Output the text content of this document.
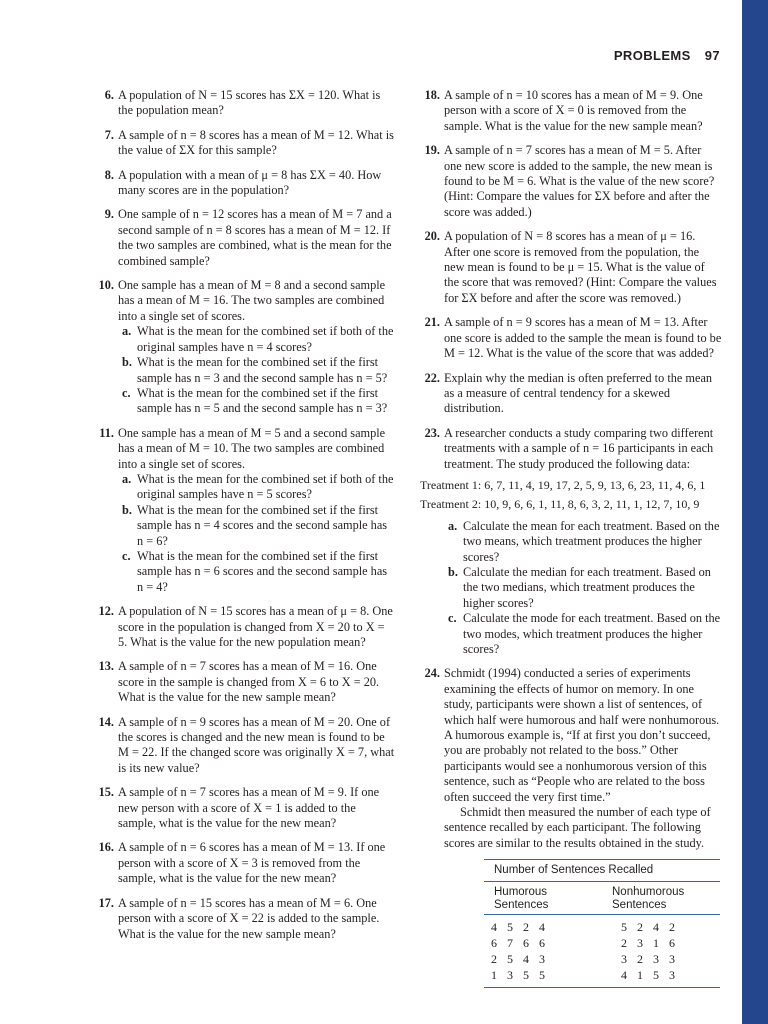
PROBLEMS 97
6. A population of N = 15 scores has ΣX = 120. What is the population mean?
7. A sample of n = 8 scores has a mean of M = 12. What is the value of ΣX for this sample?
8. A population with a mean of μ = 8 has ΣX = 40. How many scores are in the population?
9. One sample of n = 12 scores has a mean of M = 7 and a second sample of n = 8 scores has a mean of M = 12. If the two samples are combined, what is the mean for the combined sample?
10. One sample has a mean of M = 8 and a second sample has a mean of M = 16. The two samples are combined into a single set of scores.
a. What is the mean for the combined set if both of the original samples have n = 4 scores?
b. What is the mean for the combined set if the first sample has n = 3 and the second sample has n = 5?
c. What is the mean for the combined set if the first sample has n = 5 and the second sample has n = 3?
11. One sample has a mean of M = 5 and a second sample has a mean of M = 10. The two samples are combined into a single set of scores.
a. What is the mean for the combined set if both of the original samples have n = 5 scores?
b. What is the mean for the combined set if the first sample has n = 4 scores and the second sample has n = 6?
c. What is the mean for the combined set if the first sample has n = 6 scores and the second sample has n = 4?
12. A population of N = 15 scores has a mean of μ = 8. One score in the population is changed from X = 20 to X = 5. What is the value for the new population mean?
13. A sample of n = 7 scores has a mean of M = 16. One score in the sample is changed from X = 6 to X = 20. What is the value for the new sample mean?
14. A sample of n = 9 scores has a mean of M = 20. One of the scores is changed and the new mean is found to be M = 22. If the changed score was originally X = 7, what is its new value?
15. A sample of n = 7 scores has a mean of M = 9. If one new person with a score of X = 1 is added to the sample, what is the value for the new mean?
16. A sample of n = 6 scores has a mean of M = 13. If one person with a score of X = 3 is removed from the sample, what is the value for the new mean?
17. A sample of n = 15 scores has a mean of M = 6. One person with a score of X = 22 is added to the sample. What is the value for the new sample mean?
18. A sample of n = 10 scores has a mean of M = 9. One person with a score of X = 0 is removed from the sample. What is the value for the new sample mean?
19. A sample of n = 7 scores has a mean of M = 5. After one new score is added to the sample, the new mean is found to be M = 6. What is the value of the new score? (Hint: Compare the values for ΣX before and after the score was added.)
20. A population of N = 8 scores has a mean of μ = 16. After one score is removed from the population, the new mean is found to be μ = 15. What is the value of the score that was removed? (Hint: Compare the values for ΣX before and after the score was removed.)
21. A sample of n = 9 scores has a mean of M = 13. After one score is added to the sample the mean is found to be M = 12. What is the value of the score that was added?
22. Explain why the median is often preferred to the mean as a measure of central tendency for a skewed distribution.
23. A researcher conducts a study comparing two different treatments with a sample of n = 16 participants in each treatment. The study produced the following data:
Treatment 1: 6, 7, 11, 4, 19, 17, 2, 5, 9, 13, 6, 23, 11, 4, 6, 1
Treatment 2: 10, 9, 6, 6, 1, 11, 8, 6, 3, 2, 11, 1, 12, 7, 10, 9
a. Calculate the mean for each treatment. Based on the two means, which treatment produces the higher scores?
b. Calculate the median for each treatment. Based on the two medians, which treatment produces the higher scores?
c. Calculate the mode for each treatment. Based on the two modes, which treatment produces the higher scores?
24. Schmidt (1994) conducted a series of experiments examining the effects of humor on memory. In one study, participants were shown a list of sentences, of which half were humorous and half were nonhumorous. A humorous example is, “If at first you don’t succeed, you are probably not related to the boss.” Other participants would see a nonhumorous version of this sentence, such as “People who are related to the boss often succeed the very first time.”
Schmidt then measured the number of each type of sentence recalled by each participant. The following scores are similar to the results obtained in the study.
Number of Sentences Recalled
Humorous Sentences
Nonhumorous Sentences
4 5 2 4	5 2 4 2
6 7 6 6	2 3 1 6
2 5 4 3	3 2 3 3
1 3 5 5	4 1 5 3
